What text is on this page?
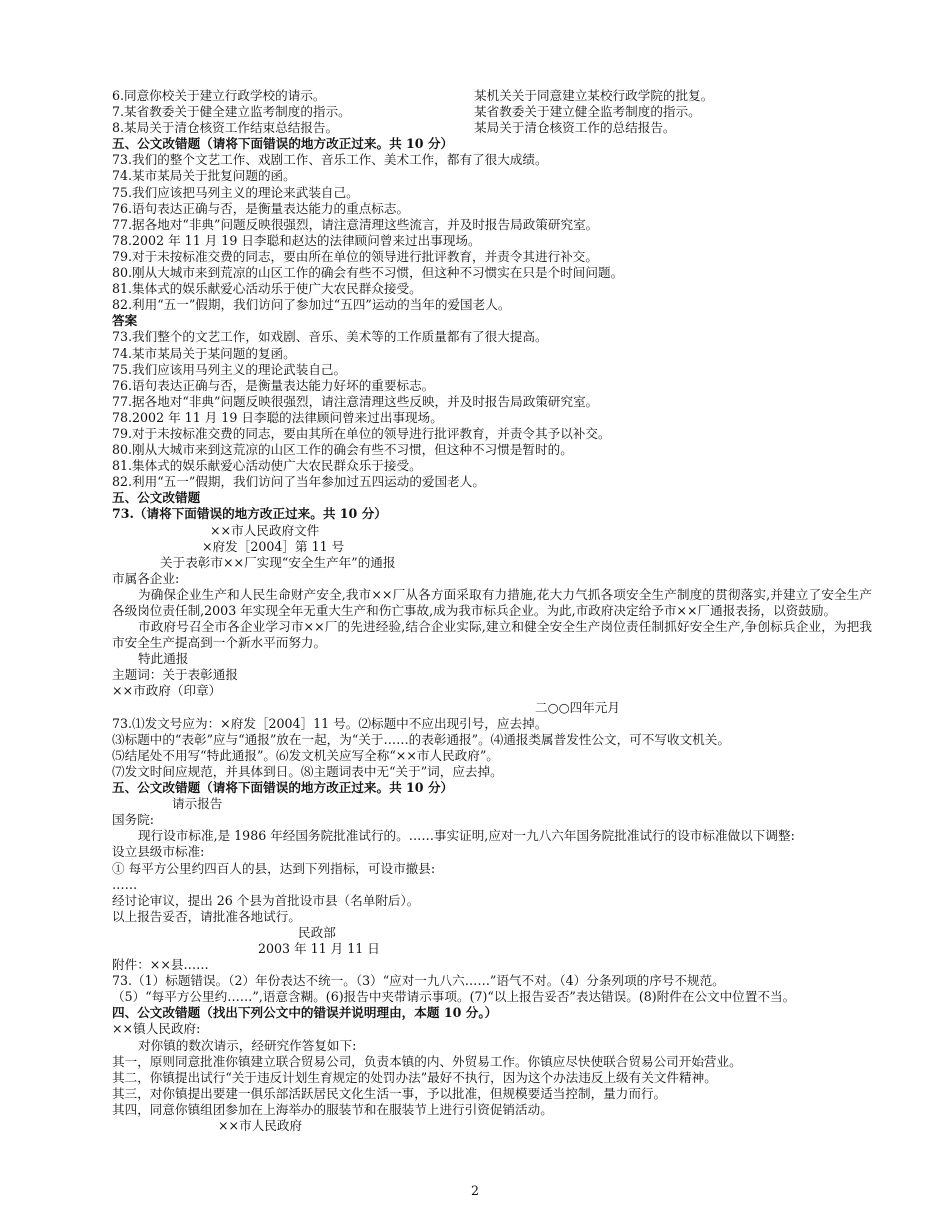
6.同意你校关于建立行政学校的请示。	某机关关于同意建立某校行政学院的批复。
7.某省教委关于健全建立监考制度的指示。	某省教委关于建立健全监考制度的指示。
8.某局关于清仓核资工作结束总结报告。	某局关于清仓核资工作的总结报告。
五、公文改错题（请将下面错误的地方改正过来。共 10 分）
73.我们的整个文艺工作、戏剧工作、音乐工作、美术工作，都有了很大成绩。
74.某市某局关于批复问题的函。
75.我们应该把马列主义的理论来武装自己。
76.语句表达正确与否，是衡量表达能力的重点标志。
77.据各地对“非典”问题反映很强烈，请注意清理这些流言，并及时报告局政策研究室。
78.2002 年 11 月 19 日李聪和赵达的法律顾问曾来过出事现场。
79.对于未按标准交费的同志，要由所在单位的领导进行批评教育，并责令其进行补交。
80.刚从大城市来到荒凉的山区工作的确会有些不习惯，但这种不习惯实在只是个时间问题。
81.集体式的娱乐献爱心活动乐于使广大农民群众接受。
82.利用“五一”假期，我们访问了参加过“五四”运动的当年的爱国老人。
答案
73.我们整个的文艺工作，如戏剧、音乐、美术等的工作质量都有了很大提高。
74.某市某局关于某问题的复函。
75.我们应该用马列主义的理论武装自己。
76.语句表达正确与否，是衡量表达能力好坏的重要标志。
77.据各地对“非典”问题反映很强烈，请注意清理这些反映，并及时报告局政策研究室。
78.2002 年 11 月 19 日李聪的法律顾问曾来过出事现场。
79.对于未按标准交费的同志，要由其所在单位的领导进行批评教育，并责令其予以补交。
80.刚从大城市来到这荒凉的山区工作的确会有些不习惯，但这种不习惯是暂时的。
81.集体式的娱乐献爱心活动使广大农民群众乐于接受。
82.利用“五一”假期，我们访问了当年参加过五四运动的爱国老人。
五、公文改错题
73.（请将下面错误的地方改正过来。共 10 分）
××市人民政府文件
×府发［2004］第 11 号
关于表彰市××厂实现“安全生产年”的通报
市属各企业:
为确保企业生产和人民生命财产安全,我市××厂从各方面采取有力措施,花大力气抓各项安全生产制度的贯彻落实,并建立了安全生产各级岗位责任制,2003 年实现全年无重大生产和伤亡事故,成为我市标兵企业。为此,市政府决定给予市××厂通报表扬，以资鼓励。
市政府号召全市各企业学习市××厂的先进经验,结合企业实际,建立和健全安全生产岗位责任制抓好安全生产,争创标兵企业，为把我市安全生产提高到一个新水平而努力。
特此通报
主题词：关于表彰通报
××市政府（印章）
二○○四年元月
73.⑴发文号应为：×府发［2004］11 号。⑵标题中不应出现引号，应去掉。
⑶标题中的“表彰”应与“通报”放在一起，为“关于……的表彰通报”。⑷通报类属普发性公文，可不写收文机关。
⑸结尾处不用写“特此通报”。⑹发文机关应写全称“××市人民政府”。
⑺发文时间应规范，并具体到日。⑻主题词表中无“关于”词，应去掉。
五、公文改错题（请将下面错误的地方改正过来。共 10 分）
请示报告
国务院:
现行设市标准,是 1986 年经国务院批准试行的。……事实证明,应对一九八六年国务院批准试行的设市标准做以下调整:
设立县级市标准:
① 每平方公里约四百人的县，达到下列指标，可设市撤县:
……
经讨论审议，提出 26 个县为首批设市县（名单附后）。
以上报告妥否，请批准各地试行。
民政部
2003 年 11 月 11 日
附件：××县……
73.（1）标题错误。（2）年份表达不统一。（3）“应对一九八六……”语气不对。（4）分条列项的序号不规范。
（5）“每平方公里约……”,语意含糊。(6)报告中夹带请示事项。(7)“以上报告妥否”表达错误。(8)附件在公文中位置不当。
四、公文改错题（找出下列公文中的错误并说明理由，本题 10 分。）
××镇人民政府:
对你镇的数次请示，经研究作答复如下:
其一，原则同意批准你镇建立联合贸易公司，负责本镇的内、外贸易工作。你镇应尽快使联合贸易公司开始营业。
其二，你镇提出试行“关于违反计划生育规定的处罚办法”最好不执行，因为这个办法违反上级有关文件精神。
其三，对你镇提出要建一俱乐部活跃居民文化生活一事，予以批准，但规模要适当控制，量力而行。
其四，同意你镇组团参加在上海举办的服装节和在服装节上进行引资促销活动。
××市人民政府
2
